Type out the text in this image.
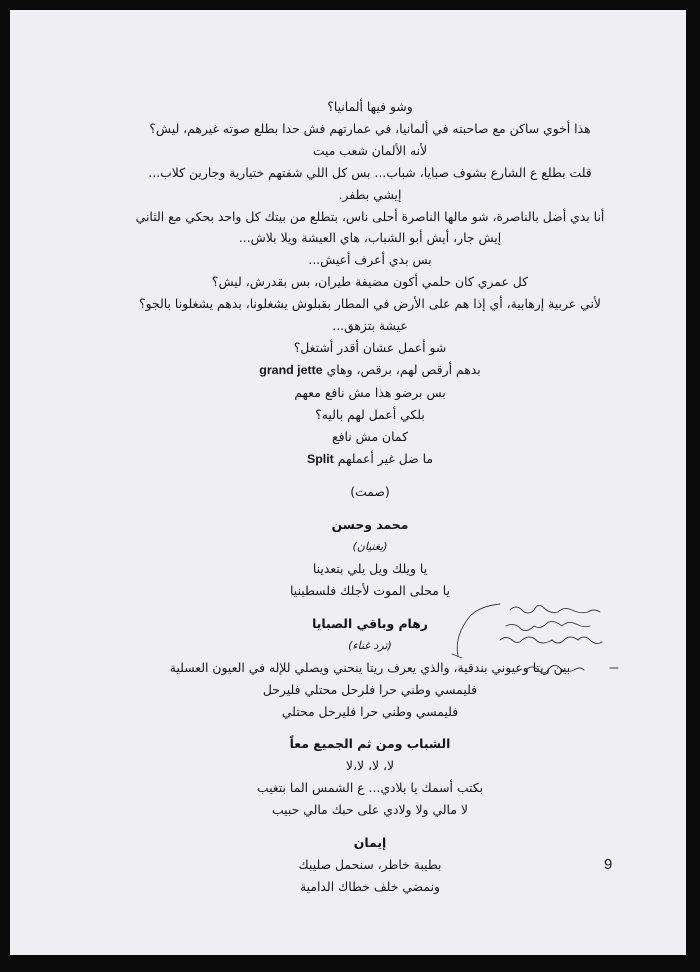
وشو فيها ألمانيا؟
هذا أخوي ساكن مع صاحبته في ألمانيا، في عمارتهم فش حدا بطلع صوته غيرهم، ليش؟
لأنه الألمان شعب ميت
قلت بطلع ع الشارع بشوف صبايا، شباب... بس كل اللي شفتهم ختيارية وجارين كلاب...
إيشي بطفر.
أنا بدي أضل بالناصرة، شو مالها الناصرة أحلى ناس، بتطلع من بيتك كل واحد بحكي مع الثاني
إيش جار، أيش أبو الشباب، هاي العيشة ويلا بلاش...
بس بدي أعرف أعيش...
كل عمري كان حلمي أكون مضيفة طيران، بس بقدرش، ليش؟
لأني عربية إرهابية، أي إذا هم على الأرض في المطار بقبلوش يشغلونا، بدهم يشغلونا بالجو؟
عيشة بتزهق...
شو أعمل عشان أقدر أشتغل؟
بدهم أرقص لهم، برقص، وهاي grand jette
بس برضو هذا مش نافع معهم
بلكي أعمل لهم باليه؟
كمان مش نافع
ما ضل غير أعملهم Split
(صمت)
محمد وحسن
(يغنيان)
يا ويلك ويل يلي بتعدينا
يا محلى الموت لأجلك فلسطينيا
رهام وباقي الصبايا
(ترد غناء)
بين ريتا وعيوني بندقية، والذي يعرف ريتا ينحني ويصلي للإله في العيون العسلية
فليمسي وطني حرا فلرحل محتلي فليرحل
فليمسي وطني حرا فليرحل محتلي
الشباب ومن ثم الجميع معاً
لا، لا، لا،لا
بكتب أسمك يا بلادي... ع الشمس الما بتغيب
لا مالي ولا ولادي على حبك مالي حبيب
إيمان
بطيبة خاطر، سنحمل صليبك
ونمضي خلف خطاك الدامية
9
